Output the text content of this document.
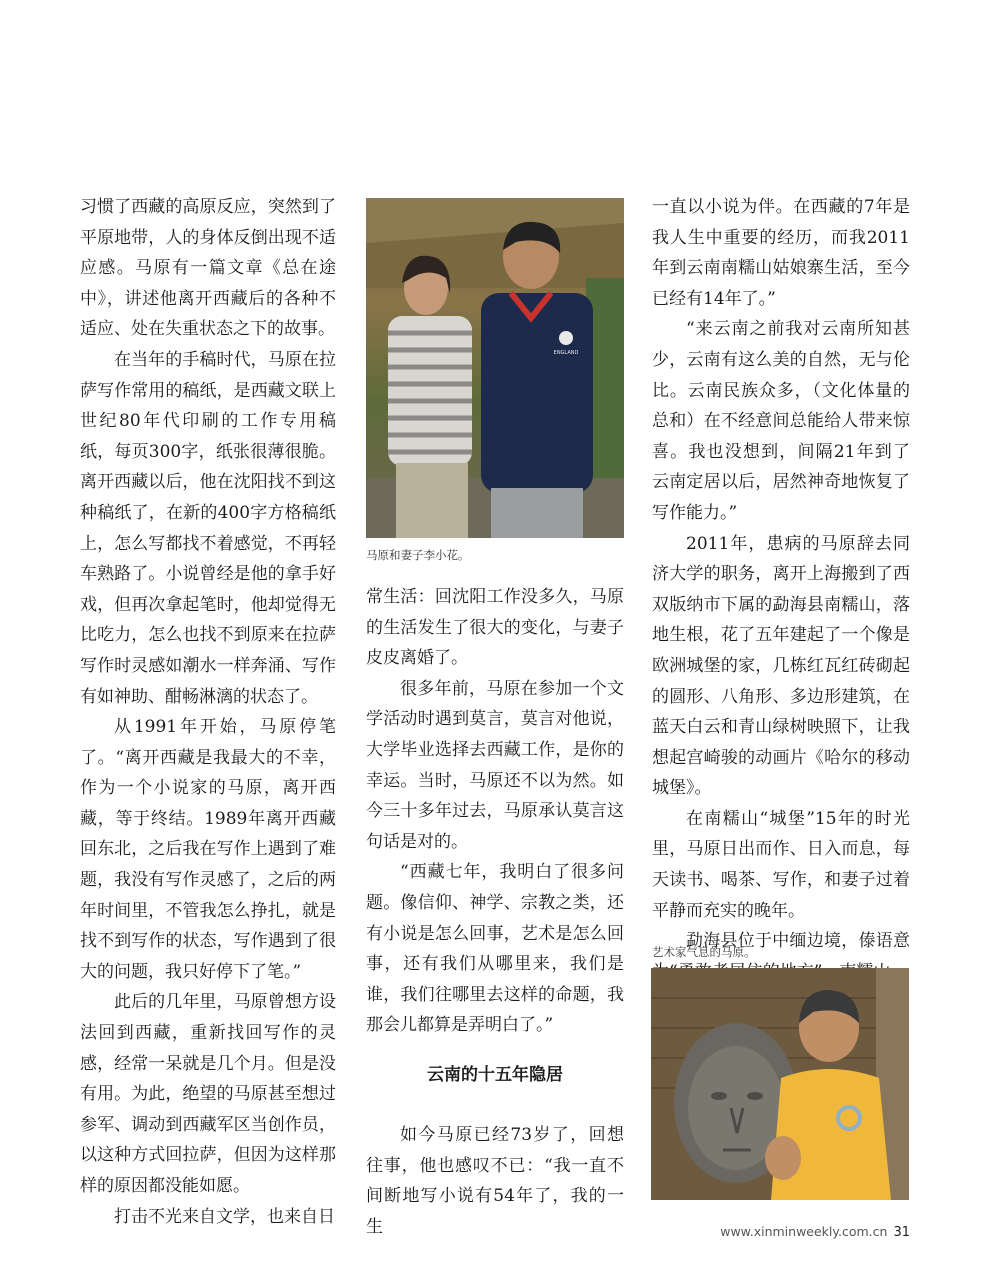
习惯了西藏的高原反应，突然到了平原地带，人的身体反倒出现不适应感。马原有一篇文章《总在途中》，讲述他离开西藏后的各种不适应、处在失重状态之下的故事。

在当年的手稿时代，马原在拉萨写作常用的稿纸，是西藏文联上世纪80年代印刷的工作专用稿纸，每页300字，纸张很薄很脆。离开西藏以后，他在沈阳找不到这种稿纸了，在新的400字方格稿纸上，怎么写都找不着感觉，不再轻车熟路了。小说曾经是他的拿手好戏，但再次拿起笔时，他却觉得无比吃力，怎么也找不到原来在拉萨写作时灵感如潮水一样奔涌、写作有如神助、酣畅淋漓的状态了。

从1991年开始，马原停笔了。“离开西藏是我最大的不幸，作为一个小说家的马原，离开西藏，等于终结。1989年离开西藏回东北，之后我在写作上遇到了难题，我没有写作灵感了，之后的两年时间里，不管我怎么挣扎，就是找不到写作的状态，写作遇到了很大的问题，我只好停下了笔。”

此后的几年里，马原曾想方设法回到西藏，重新找回写作的灵感，经常一呆就是几个月。但是没有用。为此，绝望的马原甚至想过参军、调动到西藏军区当创作员，以这种方式回拉萨，但因为这样那样的原因都没能如愿。

打击不光来自文学，也来自日

ENGLAND
马原和妻子李小花。

常生活：回沈阳工作没多久，马原的生活发生了很大的变化，与妻子皮皮离婚了。

很多年前，马原在参加一个文学活动时遇到莫言，莫言对他说，大学毕业选择去西藏工作，是你的幸运。当时，马原还不以为然。如今三十多年过去，马原承认莫言这句话是对的。

“西藏七年，我明白了很多问题。像信仰、神学、宗教之类，还有小说是怎么回事，艺术是怎么回事，还有我们从哪里来，我们是谁，我们往哪里去这样的命题，我那会儿都算是弄明白了。”

云南的十五年隐居

如今马原已经73岁了，回想往事，他也感叹不已：“我一直不间断地写小说有54年了，我的一生

一直以小说为伴。在西藏的7年是我人生中重要的经历，而我2011年到云南南糯山姑娘寨生活，至今已经有14年了。”

“来云南之前我对云南所知甚少，云南有这么美的自然，无与伦比。云南民族众多，（文化体量的总和）在不经意间总能给人带来惊喜。我也没想到，间隔21年到了云南定居以后，居然神奇地恢复了写作能力。”

2011年，患病的马原辞去同济大学的职务，离开上海搬到了西双版纳市下属的勐海县南糯山，落地生根，花了五年建起了一个像是欧洲城堡的家，几栋红瓦红砖砌起的圆形、八角形、多边形建筑，在蓝天白云和青山绿树映照下，让我想起宫崎骏的动画片《哈尔的移动城堡》。

在南糯山“城堡”15年的时光里，马原日出而作、日入而息，每天读书、喝茶、写作，和妻子过着平静而充实的晚年。

勐海县位于中缅边境，傣语意

艺术家气息的马原。
www.xinminweekly.com.cn 31
